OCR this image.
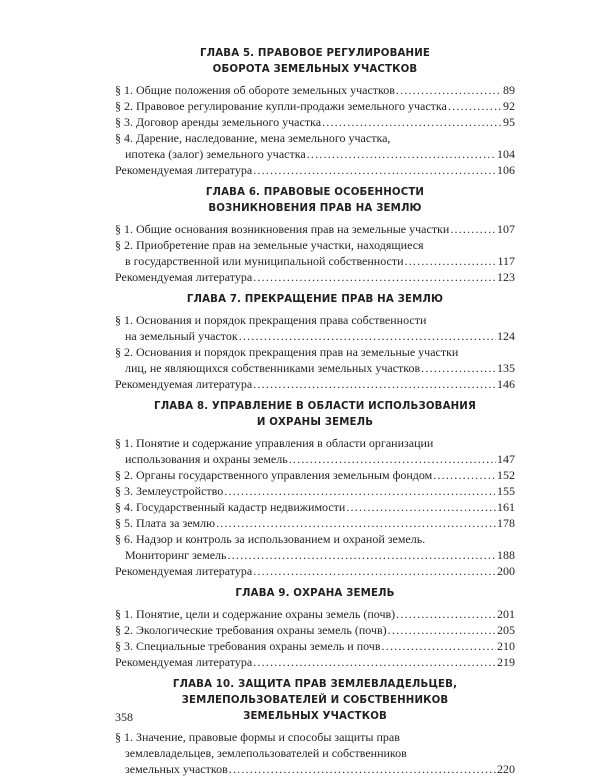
ГЛАВА 5. ПРАВОВОЕ РЕГУЛИРОВАНИЕ
ОБОРОТА ЗЕМЕЛЬНЫХ УЧАСТКОВ
§ 1. Общие положения об обороте земельных участков .....	89
§ 2. Правовое регулирование купли-продажи земельного участка .....	92
§ 3. Договор аренды земельного участка .....	95
§ 4. Дарение, наследование, мена земельного участка,
ипотека (залог) земельного участка .....	104
Рекомендуемая литература .....	106
ГЛАВА 6. ПРАВОВЫЕ ОСОБЕННОСТИ
ВОЗНИКНОВЕНИЯ ПРАВ НА ЗЕМЛЮ
§ 1. Общие основания возникновения прав на земельные участки .....	107
§ 2. Приобретение прав на земельные участки, находящиеся
в государственной или муниципальной собственности .....	117
Рекомендуемая литература .....	123
ГЛАВА 7. ПРЕКРАЩЕНИЕ ПРАВ НА ЗЕМЛЮ
§ 1. Основания и порядок прекращения права собственности
на земельный участок .....	124
§ 2. Основания и порядок прекращения прав на земельные участки
лиц, не являющихся собственниками земельных участков .....	135
Рекомендуемая литература .....	146
ГЛАВА 8. УПРАВЛЕНИЕ В ОБЛАСТИ ИСПОЛЬЗОВАНИЯ
И ОХРАНЫ ЗЕМЕЛЬ
§ 1. Понятие и содержание управления в области организации
использования и охраны земель .....	147
§ 2. Органы государственного управления земельным фондом .....	152
§ 3. Землеустройство .....	155
§ 4. Государственный кадастр недвижимости .....	161
§ 5. Плата за землю .....	178
§ 6. Надзор и контроль за использованием и охраной земель.
Мониторинг земель .....	188
Рекомендуемая литература .....	200
ГЛАВА 9. ОХРАНА ЗЕМЕЛЬ
§ 1. Понятие, цели и содержание охраны земель (почв) .....	201
§ 2. Экологические требования охраны земель (почв) .....	205
§ 3. Специальные требования охраны земель и почв .....	210
Рекомендуемая литература .....	219
ГЛАВА 10. ЗАЩИТА ПРАВ ЗЕМЛЕВЛАДЕЛЬЦЕВ,
ЗЕМЛЕПОЛЬЗОВАТЕЛЕЙ И СОБСТВЕННИКОВ
ЗЕМЕЛЬНЫХ УЧАСТКОВ
§ 1. Значение, правовые формы и способы защиты прав
землевладельцев, землепользователей и собственников
земельных участков .....	220
358
